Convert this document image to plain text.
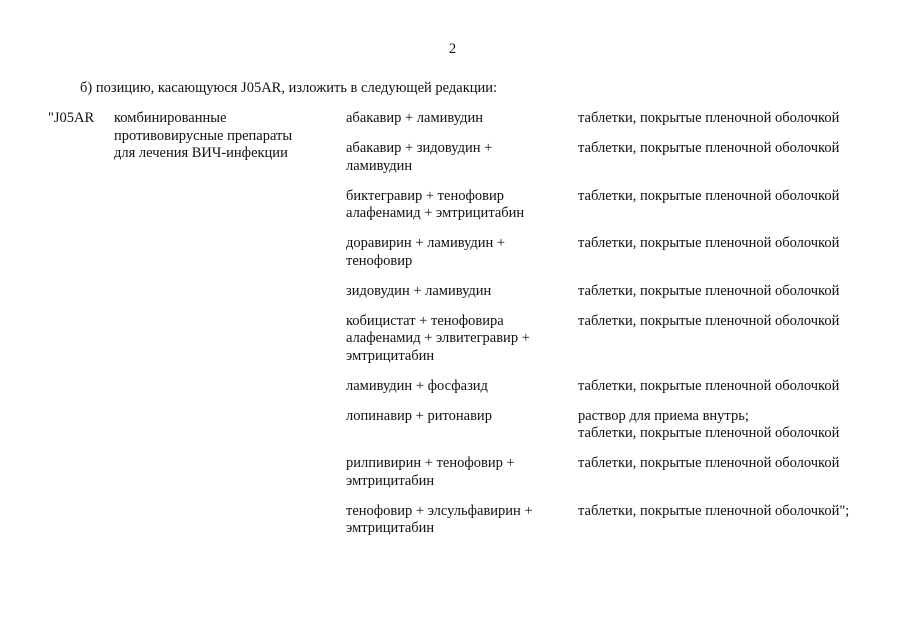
2
б) позицию, касающуюся J05AR, изложить в следующей редакции:
"J05AR	комбинированные
противовирусные препараты
для лечения ВИЧ-инфекции	абакавир + ламивудин	таблетки, покрытые пленочной оболочкой

		абакавир + зидовудин +
ламивудин	таблетки, покрытые пленочной оболочкой

		биктегравир + тенофовир
алафенамид + эмтрицитабин	таблетки, покрытые пленочной оболочкой

		доравирин + ламивудин +
тенофовир	таблетки, покрытые пленочной оболочкой

		зидовудин + ламивудин	таблетки, покрытые пленочной оболочкой

		кобицистат + тенофовира
алафенамид + элвитегравир +
эмтрицитабин	таблетки, покрытые пленочной оболочкой

		ламивудин + фосфазид	таблетки, покрытые пленочной оболочкой

		лопинавир + ритонавир	раствор для приема внутрь;
таблетки, покрытые пленочной оболочкой

		рилпивирин + тенофовир +
эмтрицитабин	таблетки, покрытые пленочной оболочкой

		тенофовир + элсульфавирин +
эмтрицитабин	таблетки, покрытые пленочной оболочкой";
